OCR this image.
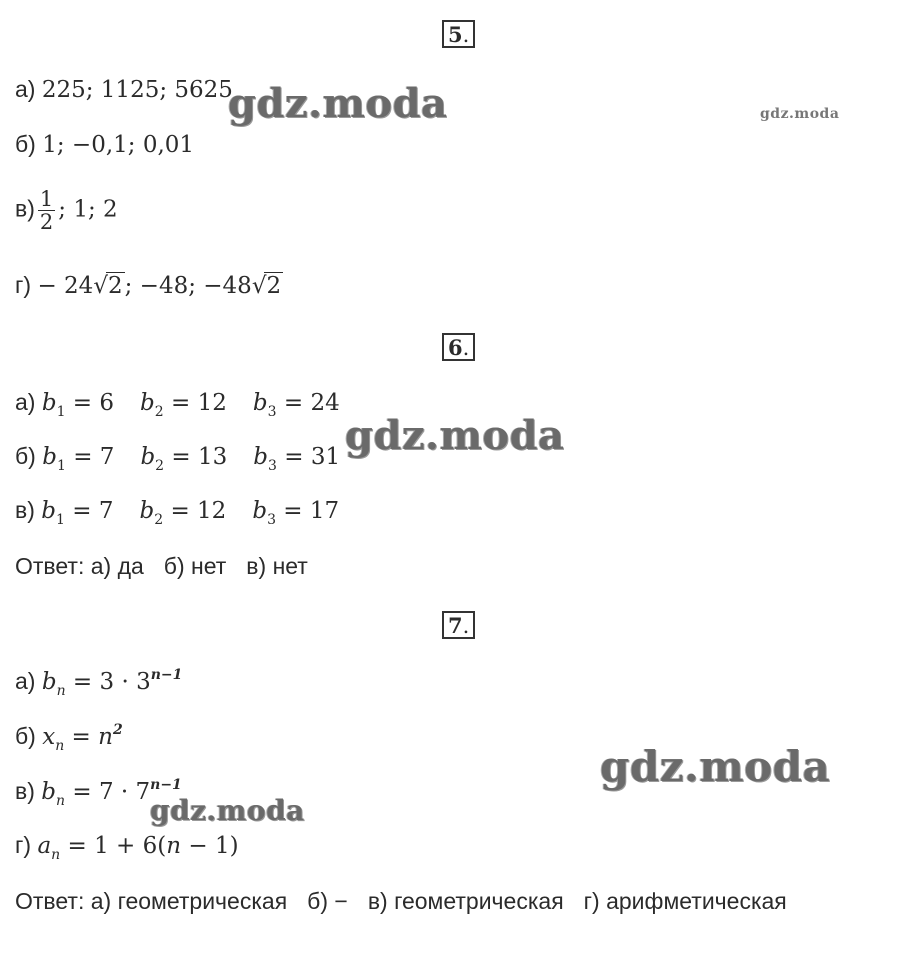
5.
а) 225; 1125; 5625
б) 1; −0,1; 0,01
$в) \frac{1}{2}$ ; 1; 2
г) − 24√2; −48; −48√2
6.
а) $b_1 = 6$ $b_2 = 12$ $b_3 = 24$
б) $b_1 = 7$ $b_2 = 13$ $b_3 = 31$
в) $b_1 = 7$ $b_2 = 12$ $b_3 = 17$
Ответ: а) да б) нет в) нет
7.
а) $b_n = 3 \cdot 3^{n-1}$
б) $x_n = n^2$
в) $b_n = 7 \cdot 7^{n-1}$
г) $a_n = 1 + 6(n - 1)$
Ответ: а) геометрическая б) − в) геометрическая г) арифметическая
gdz.moda	gdz.moda
gdz.moda
gdz.moda
gdz.moda
